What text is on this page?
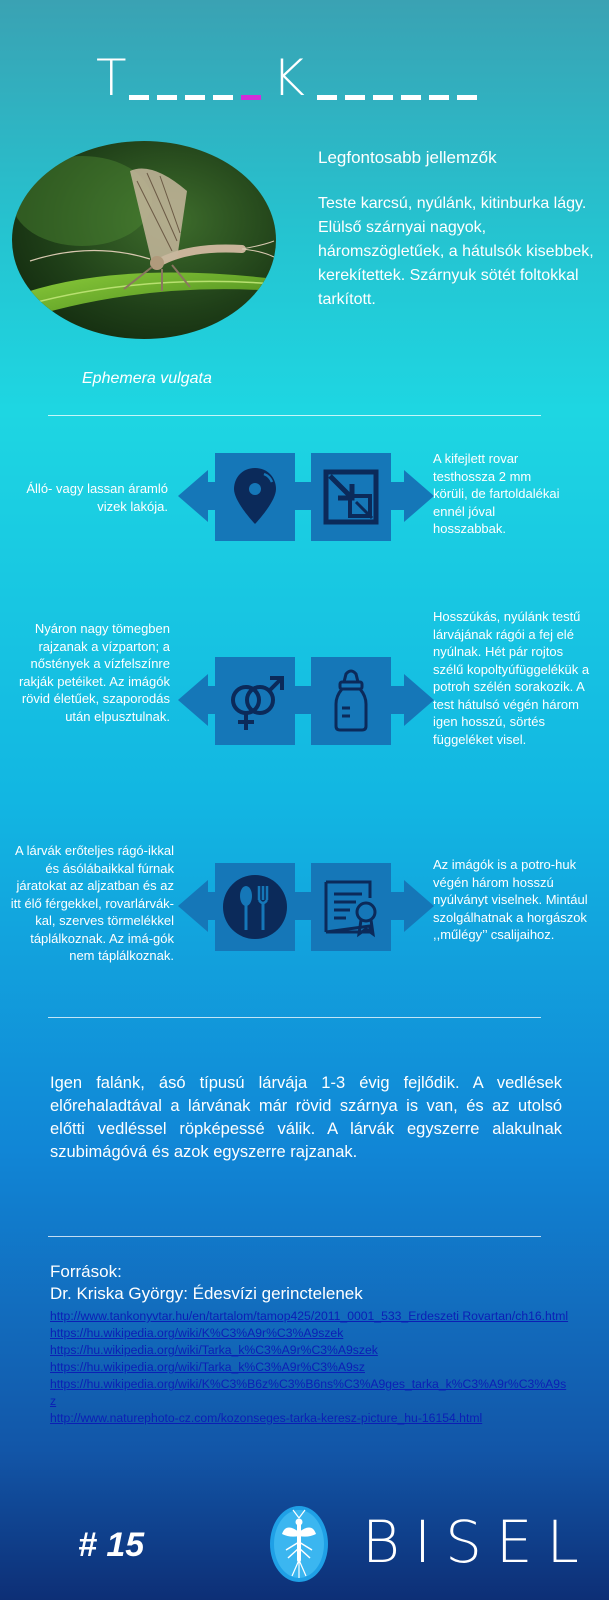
T	K
Ephemera vulgata
Legfontosabb jellemzők
Teste karcsú, nyúlánk, kitinburka lágy. Elülső szárnyai nagyok, háromszögletűek, a hátulsók kisebbek, kerekítettek. Szárnyuk sötét foltokkal tarkított.
Álló- vagy lassan áramló vizek lakója.
A kifejlett rovar testhossza 2 mm körüli, de fartoldalékai ennél jóval hosszabbak.
Nyáron nagy tömegben rajzanak a vízparton; a nőstények a vízfelszínre rakják petéiket. Az imágók rövid életűek, szaporodás után elpusztulnak.
Hosszúkás, nyúlánk testű lárvájának rágói a fej elé nyúlnak. Hét pár rojtos szélű kopoltyúfüggelékük a potroh szélén sorakozik. A test hátulsó végén három igen hosszú, sörtés függeléket visel.
A lárvák erőteljes rágó-ikkal és ásólábaikkal fúrnak járatokat az aljzatban és az itt élő férgekkel, rovarlárvák-kal, szerves törmelékkel táplálkoznak. Az imá-gók nem táplálkoznak.
Az imágók is a potro-huk végén három hosszú nyúlványt viselnek. Mintául szolgálhatnak a horgászok ,,műlégy’’ csalijaihoz.
Igen falánk, ásó típusú lárvája 1-3 évig fejlődik. A vedlések előrehaladtával a lárvának már rövid szárnya is van, és az utolsó előtti vedléssel röpképessé válik. A lárvák egyszerre alakulnak szubimágóvá és azok egyszerre rajzanak.
Források:
Dr. Kriska György: Édesvízi gerinctelenek
http://www.tankonyvtar.hu/en/tartalom/tamop425/2011_0001_533_Erdeszeti Rovartan/ch16.html
https://hu.wikipedia.org/wiki/K%C3%A9r%C3%A9szek
https://hu.wikipedia.org/wiki/Tarka_k%C3%A9r%C3%A9szek
https://hu.wikipedia.org/wiki/Tarka_k%C3%A9r%C3%A9sz
https://hu.wikipedia.org/wiki/K%C3%B6z%C3%B6ns%C3%A9ges_tarka_k%C3%A9r%C3%A9sz
http://www.naturephoto-cz.com/kozonseges-tarka-keresz-picture_hu-16154.html
# 15	BISEL
